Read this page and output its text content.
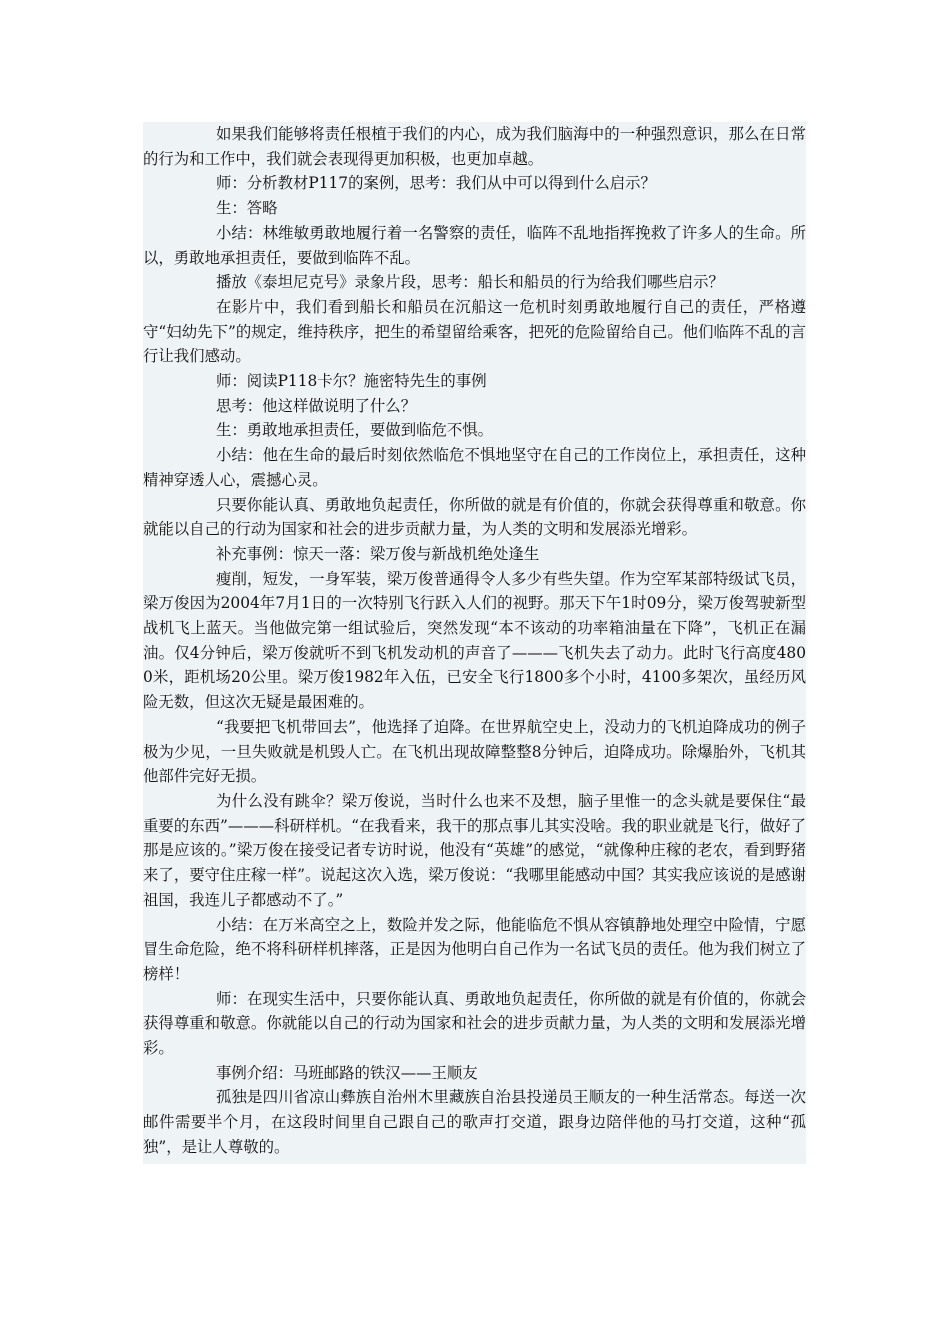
如果我们能够将责任根植于我们的内心，成为我们脑海中的一种强烈意识，那么在日常的行为和工作中，我们就会表现得更加积极，也更加卓越。

师：分析教材P117的案例，思考：我们从中可以得到什么启示？

生：答略

小结：林维敏勇敢地履行着一名警察的责任，临阵不乱地指挥挽救了许多人的生命。所以，勇敢地承担责任，要做到临阵不乱。

播放《泰坦尼克号》录象片段，思考：船长和船员的行为给我们哪些启示？

在影片中，我们看到船长和船员在沉船这一危机时刻勇敢地履行自己的责任，严格遵守“妇幼先下”的规定，维持秩序，把生的希望留给乘客，把死的危险留给自己。他们临阵不乱的言行让我们感动。

师：阅读P118卡尔？施密特先生的事例

思考：他这样做说明了什么？

生：勇敢地承担责任，要做到临危不惧。

小结：他在生命的最后时刻依然临危不惧地坚守在自己的工作岗位上，承担责任，这种精神穿透人心，震撼心灵。

只要你能认真、勇敢地负起责任，你所做的就是有价值的，你就会获得尊重和敬意。你就能以自己的行动为国家和社会的进步贡献力量，为人类的文明和发展添光增彩。

补充事例：惊天一落：梁万俊与新战机绝处逢生

瘦削，短发，一身军装，梁万俊普通得令人多少有些失望。作为空军某部特级试飞员，梁万俊因为2004年7月1日的一次特别飞行跃入人们的视野。那天下午1时09分，梁万俊驾驶新型战机飞上蓝天。当他做完第一组试验后，突然发现“本不该动的功率箱油量在下降”，飞机正在漏油。仅4分钟后，梁万俊就听不到飞机发动机的声音了———飞机失去了动力。此时飞行高度4800米，距机场20公里。梁万俊1982年入伍，已安全飞行1800多个小时，4100多架次，虽经历风险无数，但这次无疑是最困难的。

“我要把飞机带回去”，他选择了迫降。在世界航空史上，没动力的飞机迫降成功的例子极为少见，一旦失败就是机毁人亡。在飞机出现故障整整8分钟后，迫降成功。除爆胎外，飞机其他部件完好无损。

为什么没有跳伞？梁万俊说，当时什么也来不及想，脑子里惟一的念头就是要保住“最重要的东西”———科研样机。“在我看来，我干的那点事儿其实没啥。我的职业就是飞行，做好了那是应该的。”梁万俊在接受记者专访时说，他没有“英雄”的感觉，“就像种庄稼的老农，看到野猪来了，要守住庄稼一样”。说起这次入选，梁万俊说：“我哪里能感动中国？其实我应该说的是感谢祖国，我连儿子都感动不了。”

小结：在万米高空之上，数险并发之际，他能临危不惧从容镇静地处理空中险情，宁愿冒生命危险，绝不将科研样机摔落，正是因为他明白自己作为一名试飞员的责任。他为我们树立了榜样！

师：在现实生活中，只要你能认真、勇敢地负起责任，你所做的就是有价值的，你就会获得尊重和敬意。你就能以自己的行动为国家和社会的进步贡献力量，为人类的文明和发展添光增彩。

事例介绍：马班邮路的铁汉——王顺友

孤独是四川省凉山彝族自治州木里藏族自治县投递员王顺友的一种生活常态。每送一次邮件需要半个月，在这段时间里自己跟自己的歌声打交道，跟身边陪伴他的马打交道，这种“孤独”，是让人尊敬的。
